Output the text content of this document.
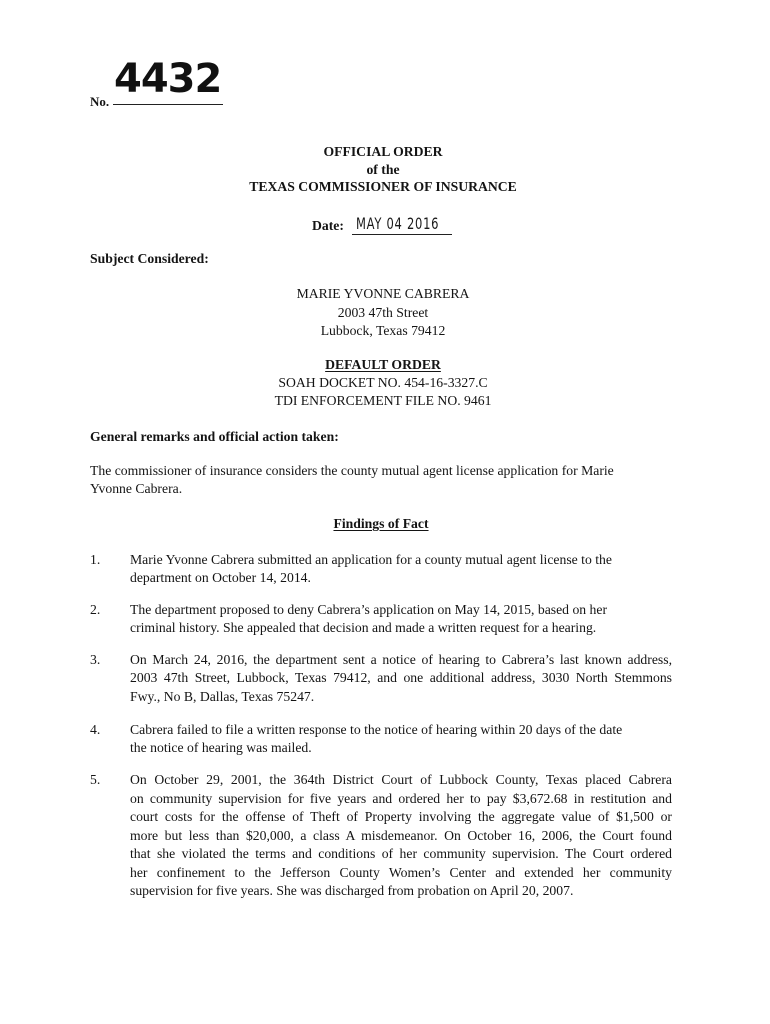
No. 4432
OFFICIAL ORDER
of the
TEXAS COMMISSIONER OF INSURANCE
Date: MAY 04 2016
Subject Considered:
MARIE YVONNE CABRERA
2003 47th Street
Lubbock, Texas 79412
DEFAULT ORDER
SOAH DOCKET NO. 454-16-3327.C
TDI ENFORCEMENT FILE NO. 9461
General remarks and official action taken:
The commissioner of insurance considers the county mutual agent license application for Marie
Yvonne Cabrera.
Findings of Fact
1. Marie Yvonne Cabrera submitted an application for a county mutual agent license to the
department on October 14, 2014.
2. The department proposed to deny Cabrera’s application on May 14, 2015, based on her
criminal history. She appealed that decision and made a written request for a hearing.
3. On March 24, 2016, the department sent a notice of hearing to Cabrera’s last known address,
2003 47th Street, Lubbock, Texas 79412, and one additional address, 3030 North Stemmons
Fwy., No B, Dallas, Texas 75247.
4. Cabrera failed to file a written response to the notice of hearing within 20 days of the date
the notice of hearing was mailed.
5. On October 29, 2001, the 364th District Court of Lubbock County, Texas placed Cabrera
on community supervision for five years and ordered her to pay $3,672.68 in restitution and
court costs for the offense of Theft of Property involving the aggregate value of $1,500 or
more but less than $20,000, a class A misdemeanor. On October 16, 2006, the Court found
that she violated the terms and conditions of her community supervision. The Court ordered
her confinement to the Jefferson County Women’s Center and extended her community
supervision for five years. She was discharged from probation on April 20, 2007.
